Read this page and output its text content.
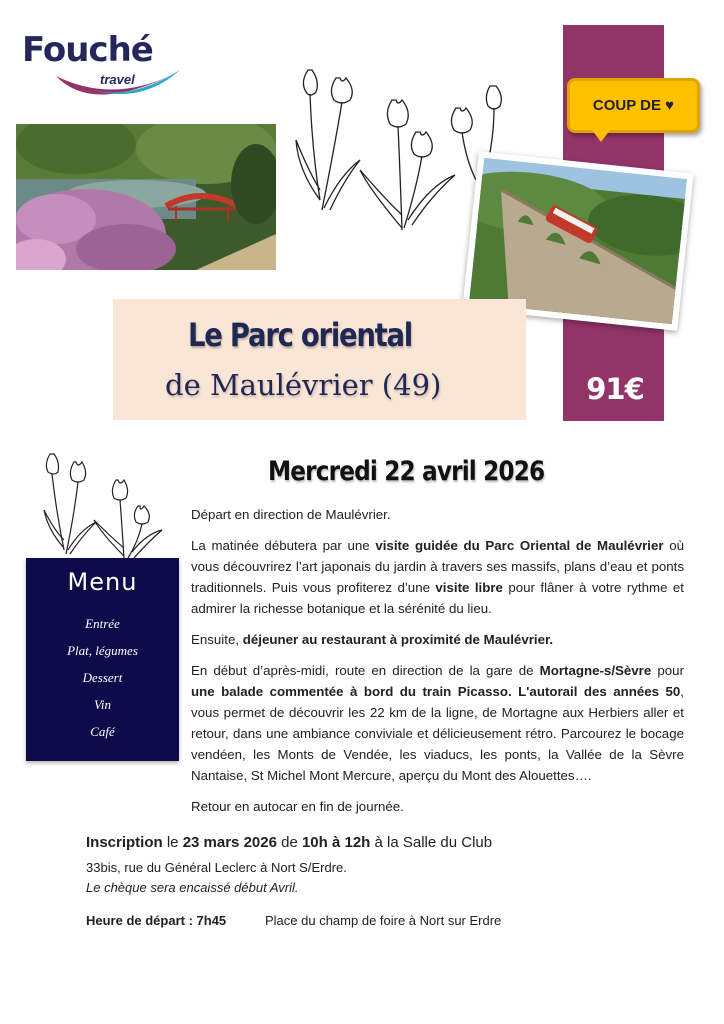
Fouché
travel
COUP DE
♥
91€
Le Parc oriental
de Maulévrier (49)
Mercredi 22 avril 2026
Menu
Entrée
Plat, légumes
Dessert
Vin
Café

Départ en direction de Maulévrier.

La matinée débutera par une visite guidée du Parc Oriental de Maulévrier où vous découvrirez l’art japonais du jardin à travers ses massifs, plans d’eau et ponts traditionnels. Puis vous profiterez d’une visite libre pour flâner à votre rythme et admirer la richesse botanique et la sérénité du lieu.

Ensuite, déjeuner au restaurant à proximité de Maulévrier.

En début d’après-midi, route en direction de la gare de Mortagne-s/Sèvre pour une balade commentée à bord du train Picasso. L'autorail des années 50, vous permet de découvrir les 22 km de la ligne, de Mortagne aux Herbiers aller et retour, dans une ambiance conviviale et délicieusement rétro. Parcourez le bocage vendéen, les Monts de Vendée, les viaducs, les ponts, la Vallée de la Sèvre Nantaise, St Michel Mont Mercure, aperçu du Mont des Alouettes….

Retour en autocar en fin de journée.

Inscription le 23 mars 2026 de 10h à 12h à la Salle du Club
33bis, rue du Général Leclerc à Nort S/Erdre.
Le chèque sera encaissé début Avril.
Heure de départ : 7h45	Place du champ de foire à Nort sur Erdre
